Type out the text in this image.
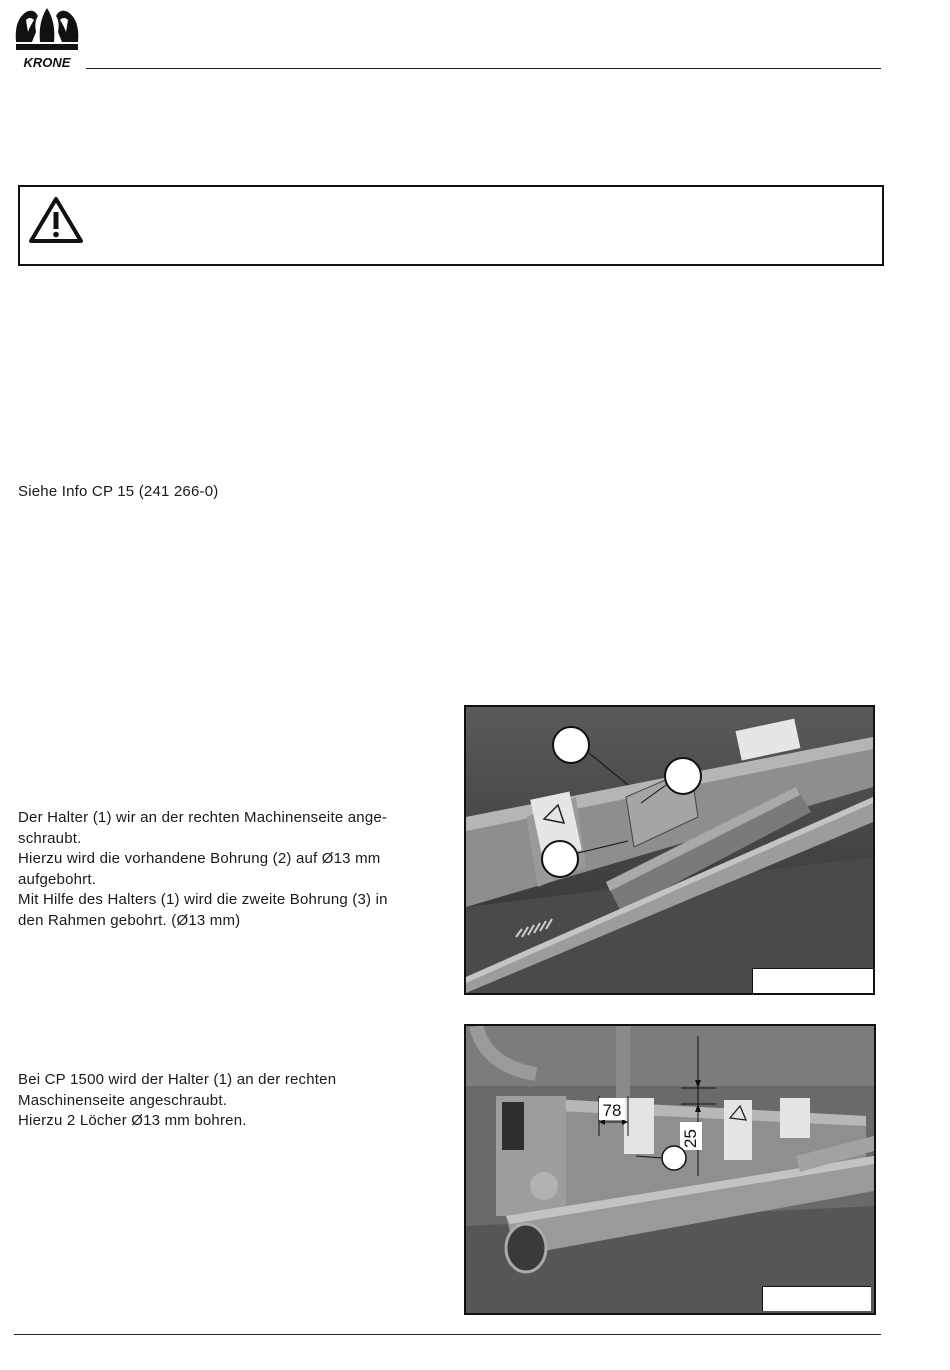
KRONE
Siehe Info CP 15 (241 266-0)
Der Halter (1) wir an der rechten Machinenseite ange-
schraubt.
Hierzu wird die vorhandene Bohrung (2) auf Ø13 mm
aufgebohrt.
Mit Hilfe des Halters (1) wird die zweite Bohrung (3) in
den Rahmen gebohrt. (Ø13 mm)
Bei CP 1500 wird der Halter (1) an der rechten
Maschinenseite angeschraubt.
Hierzu 2 Löcher Ø13 mm bohren.
78
25
